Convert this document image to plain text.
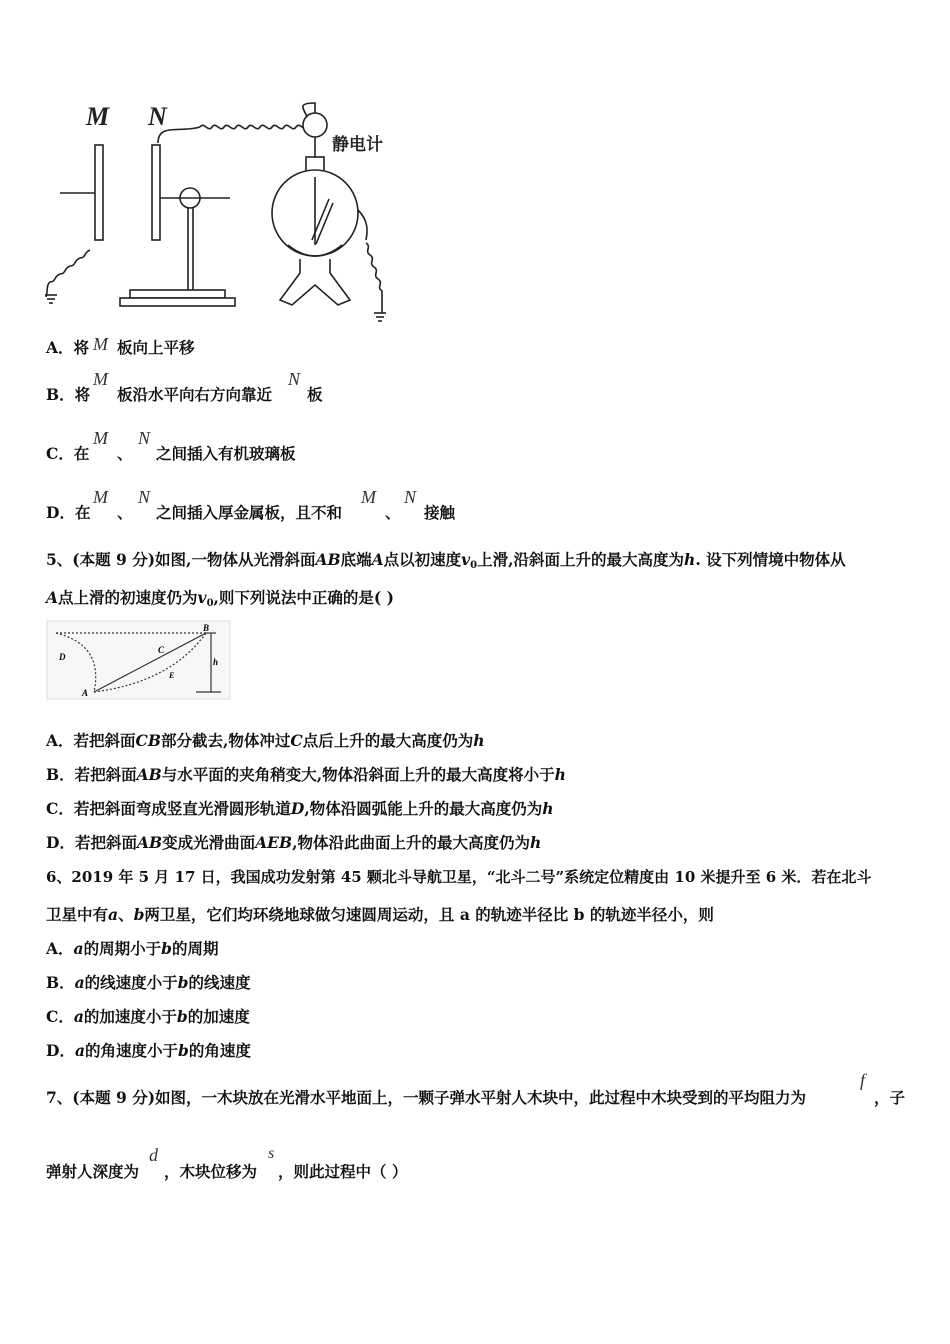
M N
静电计
A．将 M 板向上平移
B．将
M
板沿水平向右方向靠近
N
板
C．在
M
、
N
之间插入有机玻璃板
D．在
M
、
N
之间插入厚金属板，且不和
M
、
N
接触
5、(本题 9 分)如图,一物体从光滑斜面AB底端A点以初速度$v_0$上滑,沿斜面上升的最大高度为h. 设下列情境中物体从
A点上滑的初速度仍为$v_0$,则下列说法中正确的是( )
B
C
D
A
E
h
A．若把斜面CB部分截去,物体冲过C点后上升的最大高度仍为h
B．若把斜面AB与水平面的夹角稍变大,物体沿斜面上升的最大高度将小于h
C．若把斜面弯成竖直光滑圆形轨道D,物体沿圆弧能上升的最大高度仍为h
D．若把斜面AB变成光滑曲面AEB,物体沿此曲面上升的最大高度仍为h
6、2019 年 5 月 17 日，我国成功发射第 45 颗北斗导航卫星，“北斗二号”系统定位精度由 10 米提升至 6 米．若在北斗
卫星中有a、b两卫星，它们均环绕地球做匀速圆周运动，且 a 的轨迹半径比 b 的轨迹半径小，则
A．a的周期小于b的周期
B．a的线速度小于b的线速度
C．a的加速度小于b的加速度
D．a的角速度小于b的角速度
7、(本题 9 分)如图，一木块放在光滑水平地面上，一颗子弹水平射人木块中，此过程中木块受到的平均阻力为
f
，子
弹射人深度为
d
，木块位移为
s
，则此过程中（ ）
